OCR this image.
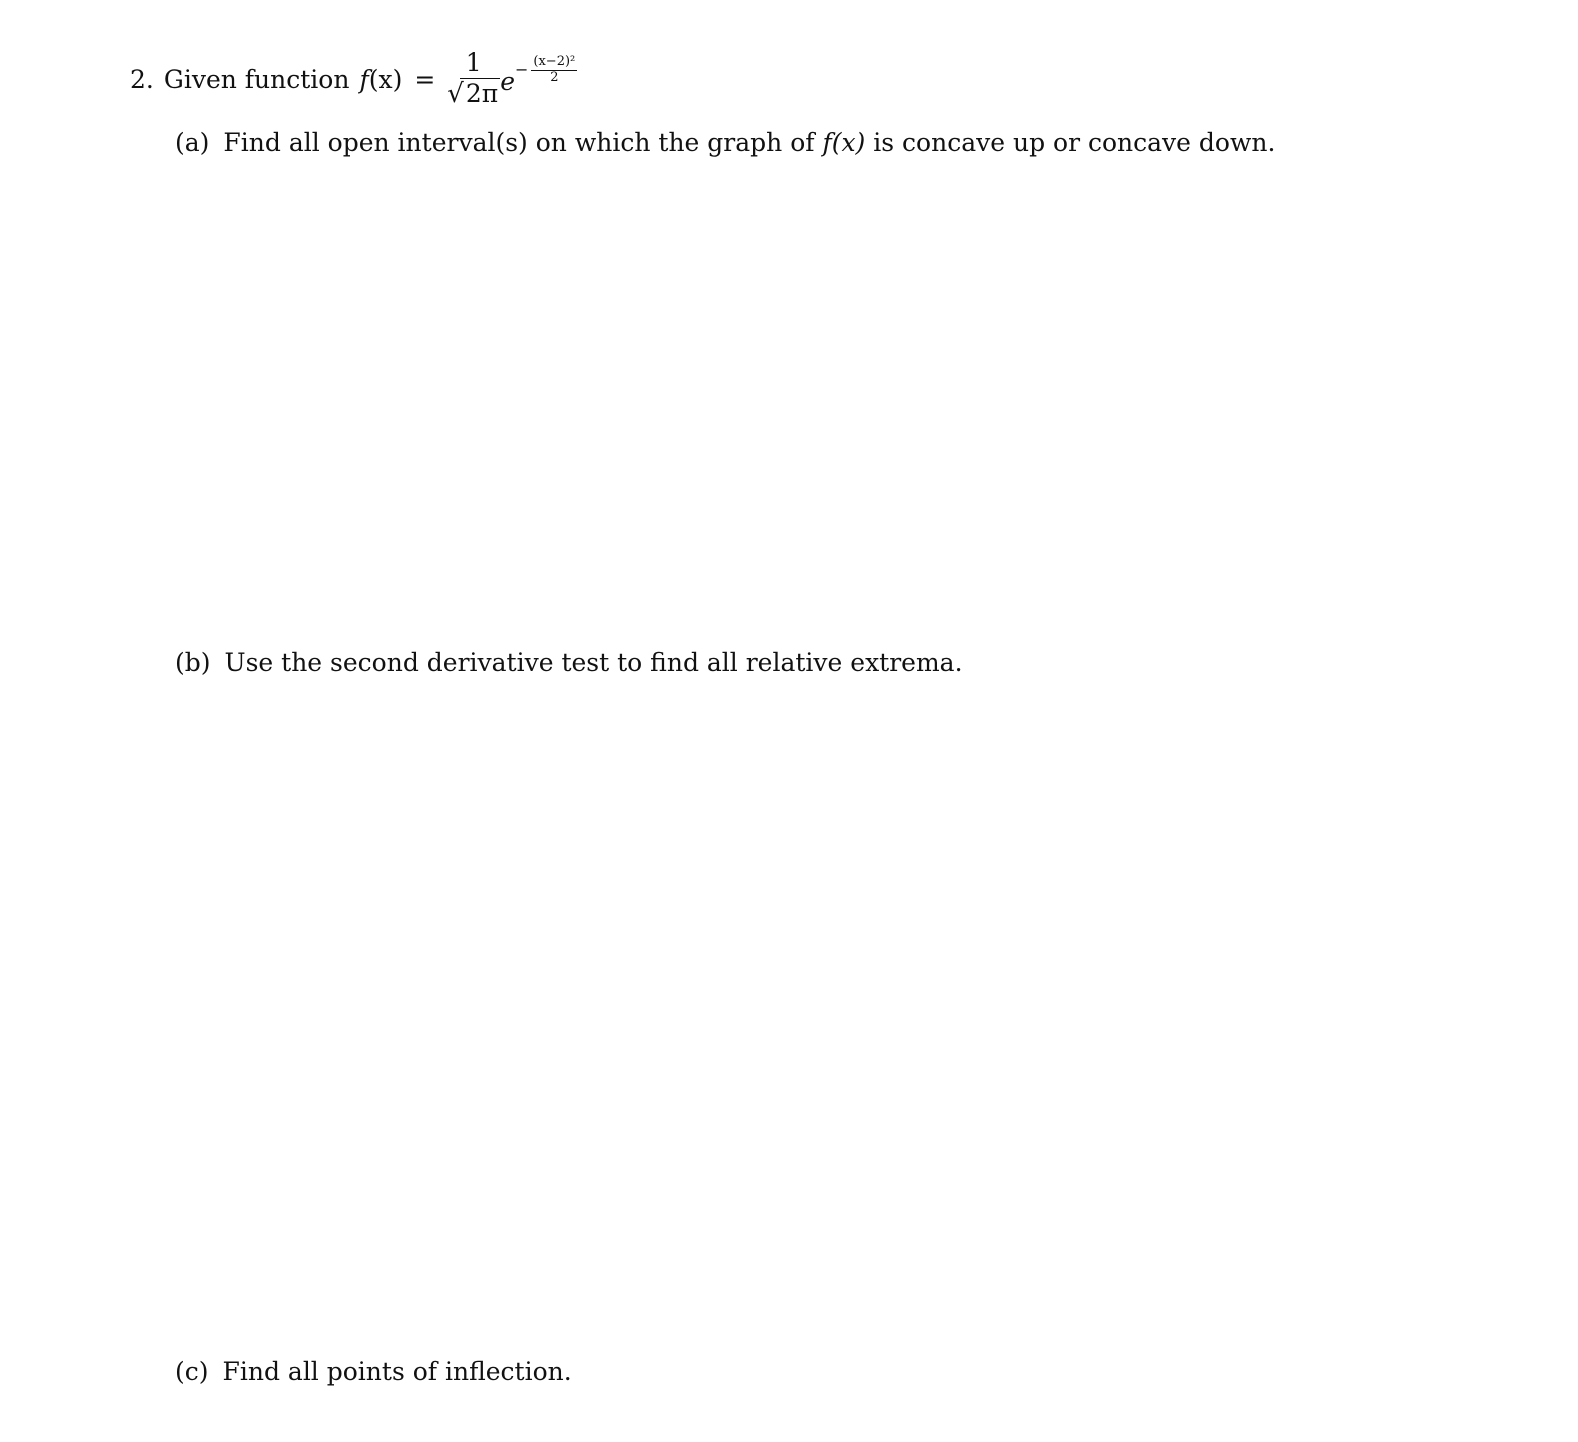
2. Given function $f(x) = \frac{1}{√2\pi}$ $e - \frac{\text{(x−2)²}}{2}$
(a) Find all open interval(s) on which the graph of f(x) is concave up or concave down.
(b) Use the second derivative test to find all relative extrema.
(c) Find all points of inflection.
